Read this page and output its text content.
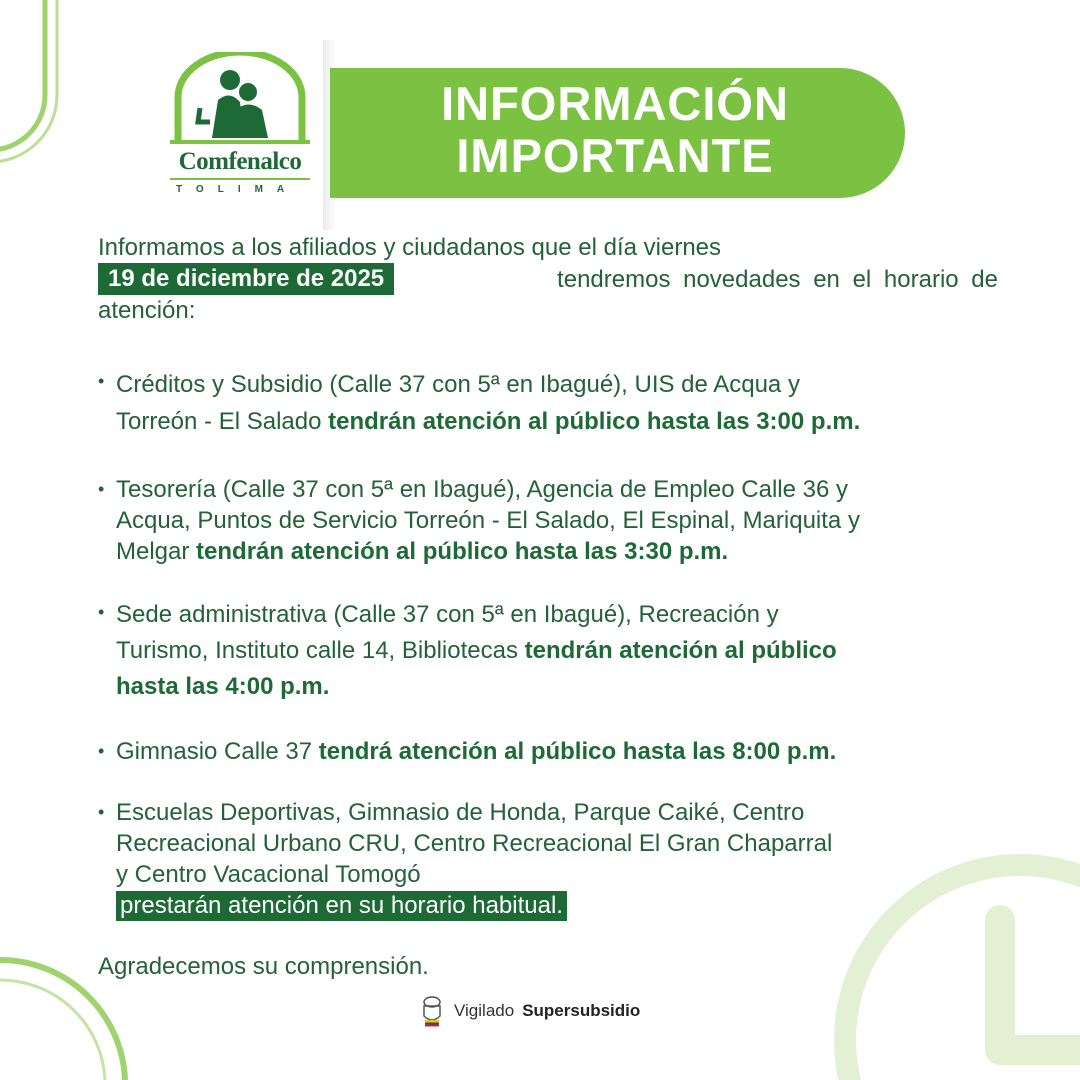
Comfenalco
TOLIMA
INFORMACIÓN
IMPORTANTE
Informamos a los afiliados y ciudadanos que el día viernes
19 de diciembre de 2025	tendremos novedades en el horario de
atención:
• Créditos y Subsidio (Calle 37 con 5ª en Ibagué), UIS de Acqua y
Torreón - El Salado tendrán atención al público hasta las 3:00 p.m.
• Tesorería (Calle 37 con 5ª en Ibagué), Agencia de Empleo Calle 36 y
Acqua, Puntos de Servicio Torreón - El Salado, El Espinal, Mariquita y
Melgar tendrán atención al público hasta las 3:30 p.m.
• Sede administrativa (Calle 37 con 5ª en Ibagué), Recreación y
Turismo, Instituto calle 14, Bibliotecas tendrán atención al público
hasta las 4:00 p.m.
• Gimnasio Calle 37 tendrá atención al público hasta las 8:00 p.m.
• Escuelas Deportivas, Gimnasio de Honda, Parque Caiké, Centro
Recreacional Urbano CRU, Centro Recreacional El Gran Chaparral
y Centro Vacacional Tomogó
prestarán atención en su horario habitual.
Agradecemos su comprensión.
Vigilado Supersubsidio
